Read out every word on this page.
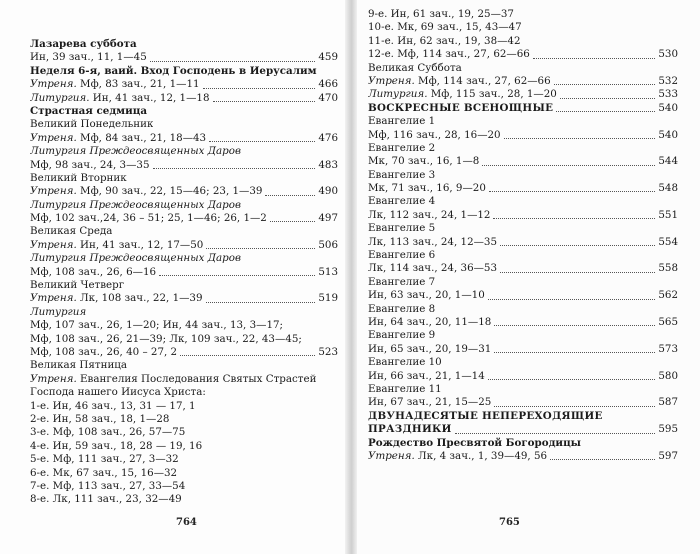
Лазарева суббота
Ин, 39 зач., 11, 1—45	459
Неделя 6-я, ваий. Вход Господень в Иерусалим
Утреня. Мф, 83 зач., 21, 1—11	466
Литургия. Ин, 41 зач., 12, 1—18	470
Страстная седмица
Великий Понедельник
Утреня. Мф, 84 зач., 21, 18—43	476
Литургия Преждеосвященных Даров
Мф, 98 зач., 24, 3—35	483
Великий Вторник
Утреня. Мф, 90 зач., 22, 15—46; 23, 1—39	490
Литургия Преждеосвященных Даров
Мф, 102 зач.,24, 36 – 51; 25, 1—46; 26, 1—2	497
Великая Среда
Утреня. Ин, 41 зач., 12, 17—50	506
Литургия Преждеосвященных Даров
Мф, 108 зач., 26, 6—16	513
Великий Четверг
Утреня. Лк, 108 зач., 22, 1—39	519
Литургия
Мф, 107 зач., 26, 1—20; Ин, 44 зач., 13, 3—17;
Мф, 108 зач., 26, 21—39; Лк, 109 зач., 22, 43—45;
Мф, 108 зач., 26, 40 – 27, 2	523
Великая Пятница
Утреня. Евангелия Последования Святых Страстей
Господа нашего Иисуса Христа:
1-е. Ин, 46 зач., 13, 31 — 17, 1
2-е. Ин, 58 зач., 18, 1—28
3-е. Мф, 108 зач., 26, 57—75
4-е. Ин, 59 зач., 18, 28 — 19, 16
5-е. Мф, 111 зач., 27, 3—32
6-е. Мк, 67 зач., 15, 16—32
7-е. Мф, 113 зач., 27, 33—54
8-е. Лк, 111 зач., 23, 32—49
764
9-е. Ин, 61 зач., 19, 25—37
10-е. Мк, 69 зач., 15, 43—47
11-е. Ин, 62 зач., 19, 38—42
12-е. Мф, 114 зач., 27, 62—66	530
Великая Суббота
Утреня. Мф, 114 зач., 27, 62—66	532
Литургия. Мф, 115 зач., 28, 1—20	533
ВОСКРЕСНЫЕ ВСЕНОЩНЫЕ	540
Евангелие 1
Мф, 116 зач., 28, 16—20	540
Евангелие 2
Мк, 70 зач., 16, 1—8	544
Евангелие 3
Мк, 71 зач., 16, 9—20	548
Евангелие 4
Лк, 112 зач., 24, 1—12	551
Евангелие 5
Лк, 113 зач., 24, 12—35	554
Евангелие 6
Лк, 114 зач., 24, 36—53	558
Евангелие 7
Ин, 63 зач., 20, 1—10	562
Евангелие 8
Ин, 64 зач., 20, 11—18	565
Евангелие 9
Ин, 65 зач., 20, 19—31	573
Евангелие 10
Ин, 66 зач., 21, 1—14	580
Евангелие 11
Ин, 67 зач., 21, 15—25	587
ДВУНАДЕСЯТЫЕ НЕПЕРЕХОДЯЩИЕ
ПРАЗДНИКИ	595
Рождество Пресвятой Богородицы
Утреня. Лк, 4 зач., 1, 39—49, 56	597
765
